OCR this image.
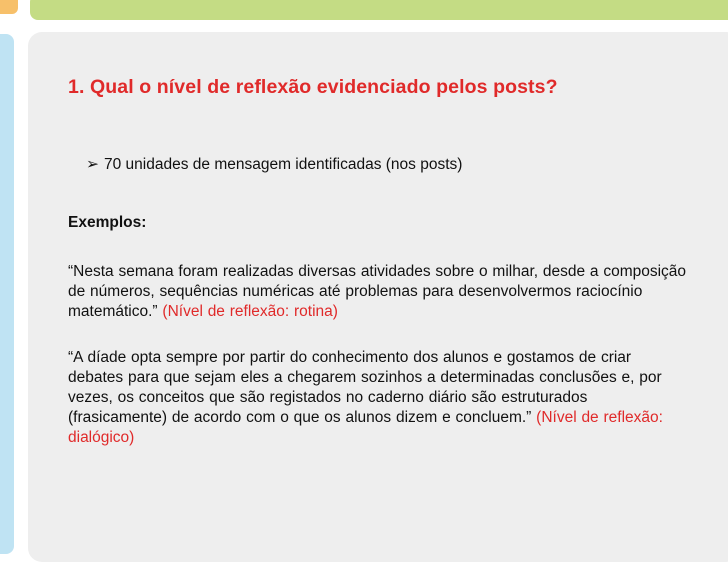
1. Qual o nível de reflexão evidenciado pelos posts?
➢ 70 unidades de mensagem identificadas (nos posts)
Exemplos:
“Nesta semana foram realizadas diversas atividades sobre o milhar, desde a composição de números, sequências numéricas até problemas para desenvolvermos raciocínio matemático.” (Nível de reflexão: rotina)
“A díade opta sempre por partir do conhecimento dos alunos e gostamos de criar debates para que sejam eles a chegarem sozinhos a determinadas conclusões e, por vezes, os conceitos que são registados no caderno diário são estruturados (frasicamente) de acordo com o que os alunos dizem e concluem.” (Nível de reflexão: dialógico)
